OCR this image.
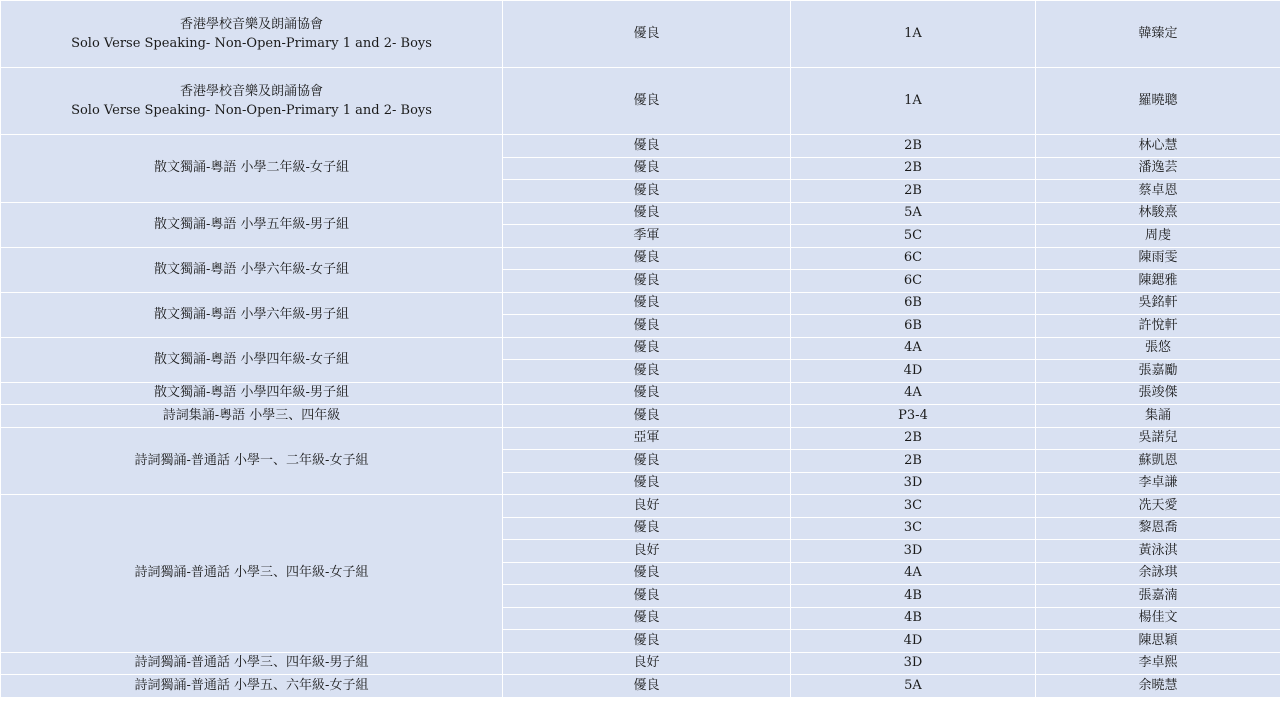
香港學校音樂及朗誦協會
Solo Verse Speaking- Non-Open-Primary 1 and 2- Boys	優良	1A	韓臻定

香港學校音樂及朗誦協會
Solo Verse Speaking- Non-Open-Primary 1 and 2- Boys	優良	1A	羅曉聰
散文獨誦-粵語 小學二年級-女子組	優良	2B	林心慧
	優良	2B	潘逸芸
	優良	2B	蔡卓恩
散文獨誦-粵語 小學五年級-男子組	優良	5A	林駿熹
	季軍	5C	周虔
散文獨誦-粵語 小學六年級-女子組	優良	6C	陳雨雯
	優良	6C	陳鍶雅
散文獨誦-粵語 小學六年級-男子組	優良	6B	吳銘軒
	優良	6B	許悅軒
散文獨誦-粵語 小學四年級-女子組	優良	4A	張悠
	優良	4D	張嘉勵
散文獨誦-粵語 小學四年級-男子組	優良	4A	張竣傑
詩詞集誦-粵語 小學三、四年級	優良	P3-4	集誦
詩詞獨誦-普通話 小學一、二年級-女子組	亞軍	2B	吳諾兒
	優良	2B	蘇凱恩
	優良	3D	李卓謙
詩詞獨誦-普通話 小學三、四年級-女子組	良好	3C	冼天愛
	優良	3C	黎恩喬
	良好	3D	黃泳淇
	優良	4A	余詠琪
	優良	4B	張嘉湳
	優良	4B	楊佳文
	優良	4D	陳思穎
詩詞獨誦-普通話 小學三、四年級-男子組	良好	3D	李卓熙
詩詞獨誦-普通話 小學五、六年級-女子組	優良	5A	余曉慧
